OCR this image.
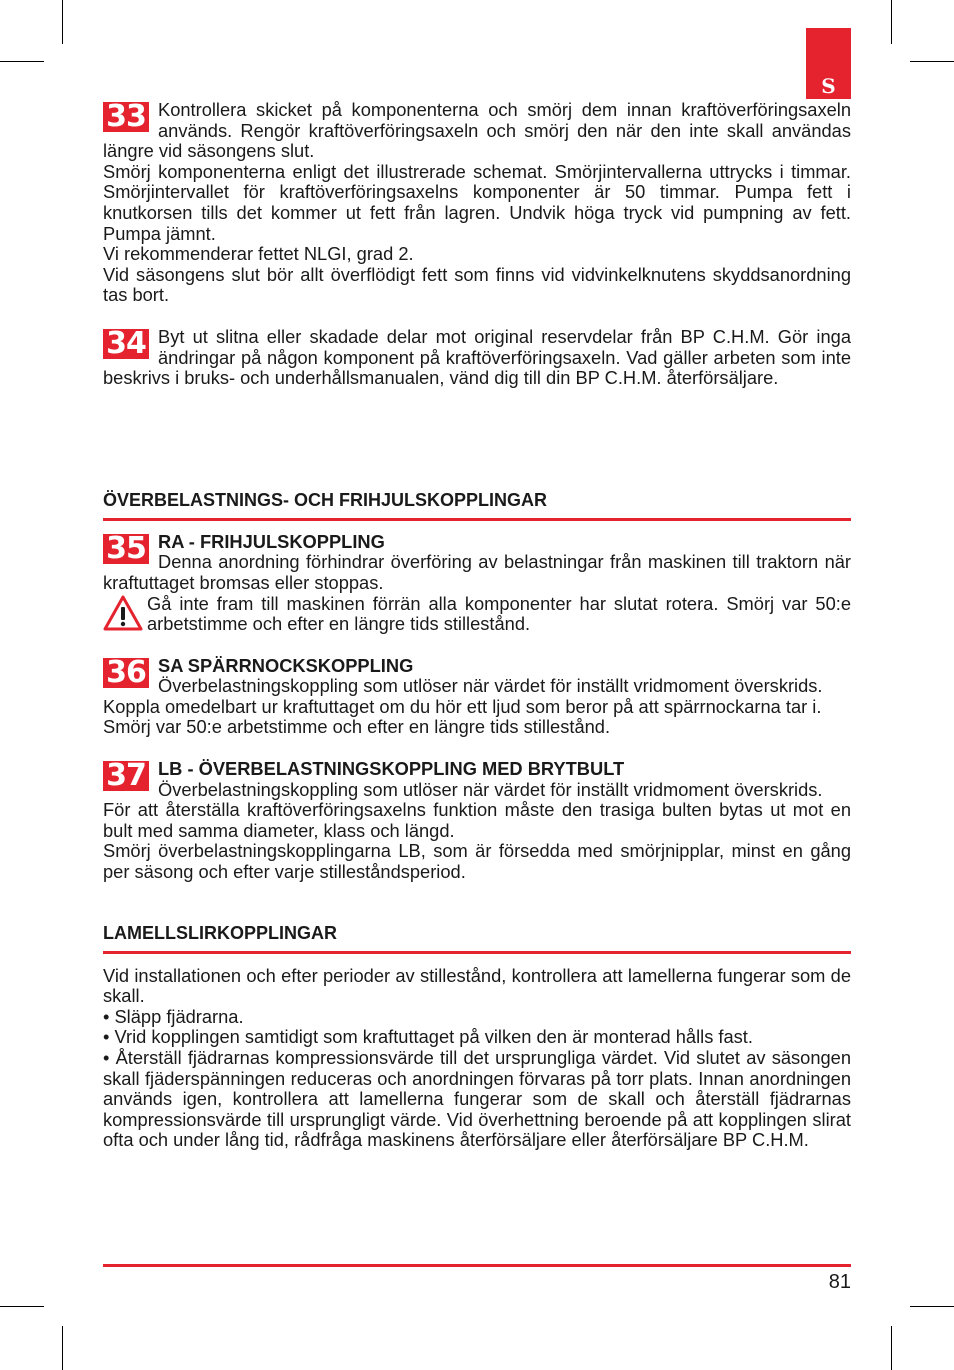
S
33 Kontrollera skicket på komponenterna och smörj dem innan kraftöverföringsaxeln används. Rengör kraftöverföringsaxeln och smörj den när den inte skall användas längre vid säsongens slut.

Smörj komponenterna enligt det illustrerade schemat. Smörjintervallerna uttrycks i timmar. Smörjintervallet för kraftöverföringsaxelns komponenter är 50 timmar. Pumpa fett i knutkorsen tills det kommer ut fett från lagren. Undvik höga tryck vid pumpning av fett. Pumpa jämnt.

Vi rekommenderar fettet NLGI, grad 2.

Vid säsongens slut bör allt överflödigt fett som finns vid vidvinkelknutens skyddsanordning tas bort.

34 Byt ut slitna eller skadade delar mot original reservdelar från BP C.H.M. Gör inga ändringar på någon komponent på kraftöverföringsaxeln. Vad gäller arbeten som inte beskrivs i bruks- och underhållsmanualen, vänd dig till din BP C.H.M. återförsäljare.

ÖVERBELASTNINGS- OCH FRIHJULSKOPPLINGAR
35 RA - FRIHJULSKOPPLING

Denna anordning förhindrar överföring av belastningar från maskinen till traktorn när kraftuttaget bromsas eller stoppas.

Gå inte fram till maskinen förrän alla komponenter har slutat rotera. Smörj var 50:e arbetstimme och efter en längre tids stillestånd.

36 SA SPÄRRNOCKSKOPPLING

Överbelastningskoppling som utlöser när värdet för inställt vridmoment överskrids.

Koppla omedelbart ur kraftuttaget om du hör ett ljud som beror på att spärrnockarna tar i.

Smörj var 50:e arbetstimme och efter en längre tids stillestånd.

37 LB - ÖVERBELASTNINGSKOPPLING MED BRYTBULT

Överbelastningskoppling som utlöser när värdet för inställt vridmoment överskrids.

För att återställa kraftöverföringsaxelns funktion måste den trasiga bulten bytas ut mot en bult med samma diameter, klass och längd.

Smörj överbelastningskopplingarna LB, som är försedda med smörjnipplar, minst en gång per säsong och efter varje stilleståndsperiod.

LAMELLSLIRKOPPLINGAR

Vid installationen och efter perioder av stillestånd, kontrollera att lamellerna fungerar som de skall.

• Släpp fjädrarna.

• Vrid kopplingen samtidigt som kraftuttaget på vilken den är monterad hålls fast.

• Återställ fjädrarnas kompressionsvärde till det ursprungliga värdet. Vid slutet av säsongen skall fjäderspänningen reduceras och anordningen förvaras på torr plats. Innan anordningen används igen, kontrollera att lamellerna fungerar som de skall och återställ fjädrarnas kompressionsvärde till ursprungligt värde. Vid överhettning beroende på att kopplingen slirat ofta och under lång tid, rådfråga maskinens återförsäljare eller återförsäljare BP C.H.M.

81
